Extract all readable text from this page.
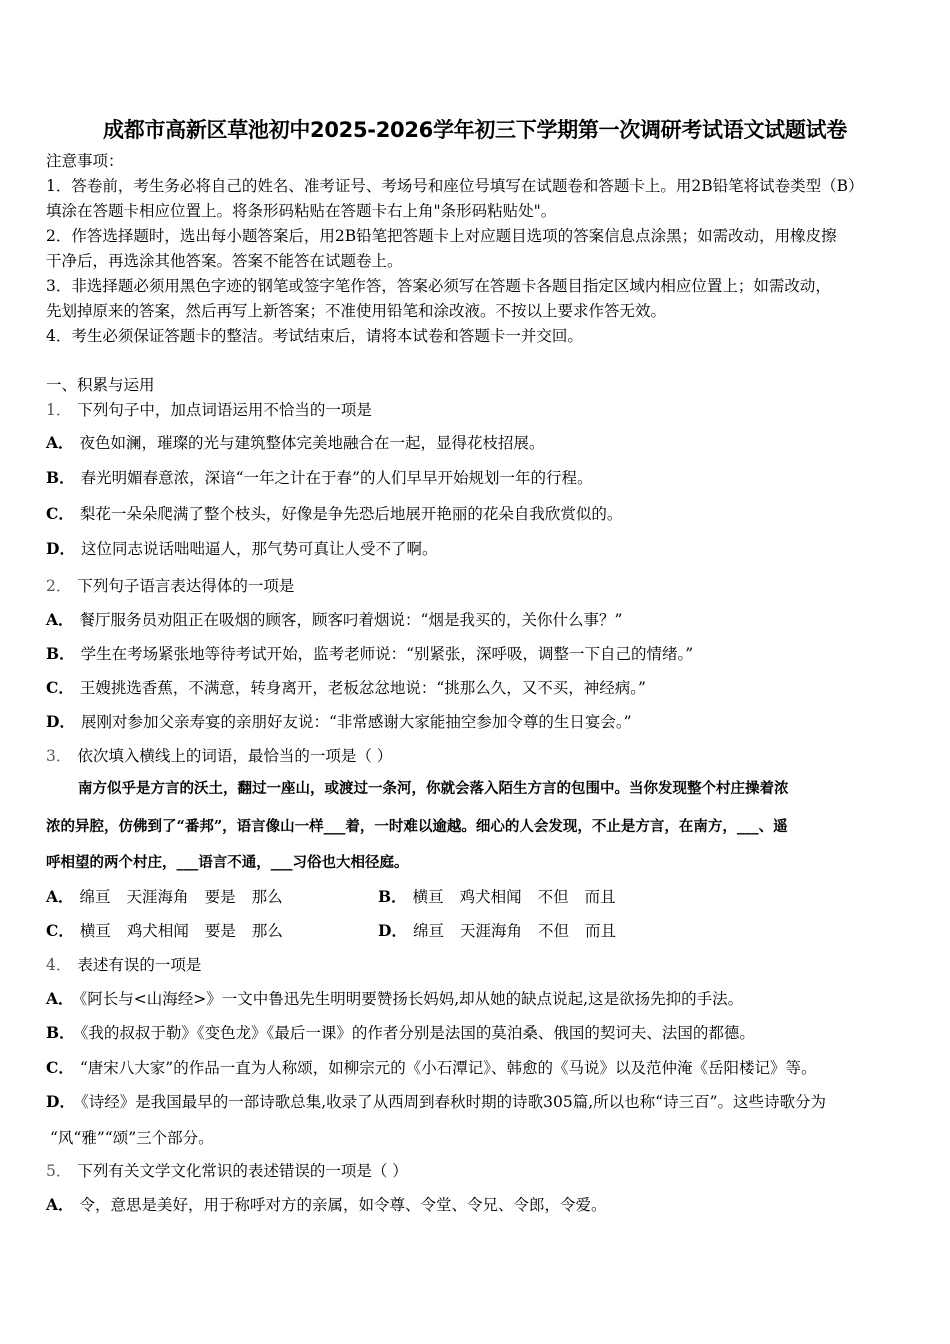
成都市高新区草池初中2025-2026学年初三下学期第一次调研考试语文试题试卷
注意事项：
1．答卷前，考生务必将自己的姓名、准考证号、考场号和座位号填写在试题卷和答题卡上。用2B铅笔将试卷类型（B）
填涂在答题卡相应位置上。将条形码粘贴在答题卡右上角"条形码粘贴处"。
2．作答选择题时，选出每小题答案后，用2B铅笔把答题卡上对应题目选项的答案信息点涂黑；如需改动，用橡皮擦
干净后，再选涂其他答案。答案不能答在试题卷上。
3．非选择题必须用黑色字迹的钢笔或签字笔作答，答案必须写在答题卡各题目指定区域内相应位置上；如需改动，
先划掉原来的答案，然后再写上新答案；不准使用铅笔和涂改液。不按以上要求作答无效。
4．考生必须保证答题卡的整洁。考试结束后，请将本试卷和答题卡一并交回。
一、积累与运用
1． 下列句子中，加点词语运用不恰当的一项是
A． 夜色如澜，璀璨的光与建筑整体完美地融合在一起，显得花枝招展。
B． 春光明媚春意浓，深谙“一年之计在于春”的人们早早开始规划一年的行程。
C． 梨花一朵朵爬满了整个枝头，好像是争先恐后地展开艳丽的花朵自我欣赏似的。
D． 这位同志说话咄咄逼人，那气势可真让人受不了啊。
2． 下列句子语言表达得体的一项是
A． 餐厅服务员劝阻正在吸烟的顾客，顾客叼着烟说：“烟是我买的，关你什么事？”
B． 学生在考场紧张地等待考试开始，监考老师说：“别紧张，深呼吸，调整一下自己的情绪。”
C． 王嫂挑选香蕉，不满意，转身离开，老板忿忿地说：“挑那么久，又不买，神经病。”
D． 展刚对参加父亲寿宴的亲朋好友说：“非常感谢大家能抽空参加令尊的生日宴会。”
3． 依次填入横线上的词语，最恰当的一项是（ ）
南方似乎是方言的沃土，翻过一座山，或渡过一条河，你就会落入陌生方言的包围中。当你发现整个村庄操着浓
浓的异腔，仿佛到了“番邦”，语言像山一样___着，一时难以逾越。细心的人会发现，不止是方言，在南方，___、遥
呼相望的两个村庄，___语言不通，___习俗也大相径庭。
A． 绵亘 天涯海角 要是 那么	B． 横亘 鸡犬相闻 不但 而且
C． 横亘 鸡犬相闻 要是 那么	D． 绵亘 天涯海角 不但 而且
4． 表述有误的一项是
A． 《阿长与<山海经>》一文中鲁迅先生明明要赞扬长妈妈,却从她的缺点说起,这是欲扬先抑的手法。
B． 《我的叔叔于勒》《变色龙》《最后一课》的作者分别是法国的莫泊桑、俄国的契诃夫、法国的都德。
C． “唐宋八大家”的作品一直为人称颂，如柳宗元的《小石潭记》、韩愈的《马说》以及范仲淹《岳阳楼记》等。
D． 《诗经》是我国最早的一部诗歌总集,收录了从西周到春秋时期的诗歌305篇,所以也称“诗三百”。这些诗歌分为
“风“雅”“颂”三个部分。
5． 下列有关文学文化常识的表述错误的一项是（ ）
A． 令，意思是美好，用于称呼对方的亲属，如令尊、令堂、令兄、令郎，令爱。
